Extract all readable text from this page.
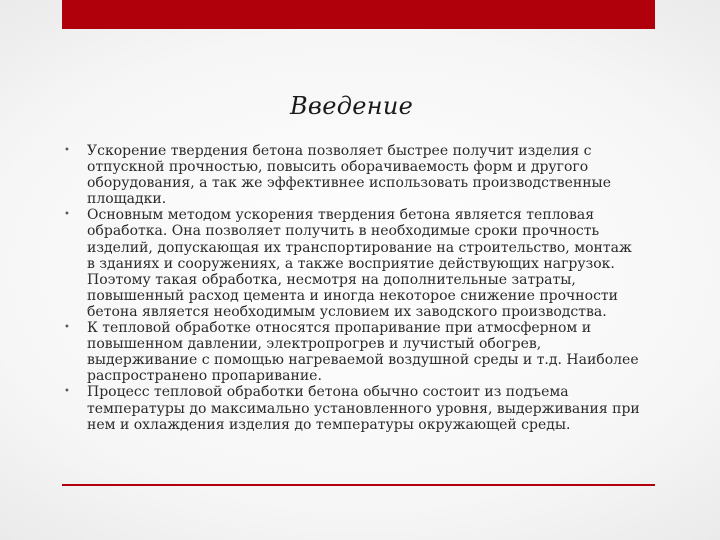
Введение
• Ускорение твердения бетона позволяет быстрее получит изделия с отпускной прочностью, повысить оборачиваемость форм и другого оборудования, а так же эффективнее использовать производственные площадки.
• Основным методом ускорения твердения бетона является тепловая обработка. Она позволяет получить в необходимые сроки прочность изделий, допускающая их транспортирование на строительство, монтаж в зданиях и сооружениях, а также восприятие действующих нагрузок. Поэтому такая обработка, несмотря на дополнительные затраты, повышенный расход цемента и иногда некоторое снижение прочности бетона является необходимым условием их заводского производства.
• К тепловой обработке относятся пропаривание при атмосферном и повышенном давлении, электропрогрев и лучистый обогрев, выдерживание с помощью нагреваемой воздушной среды и т.д. Наиболее распространено пропаривание.
• Процесс тепловой обработки бетона обычно состоит из подъема температуры до максимально установленного уровня, выдерживания при нем и охлаждения изделия до температуры окружающей среды.
